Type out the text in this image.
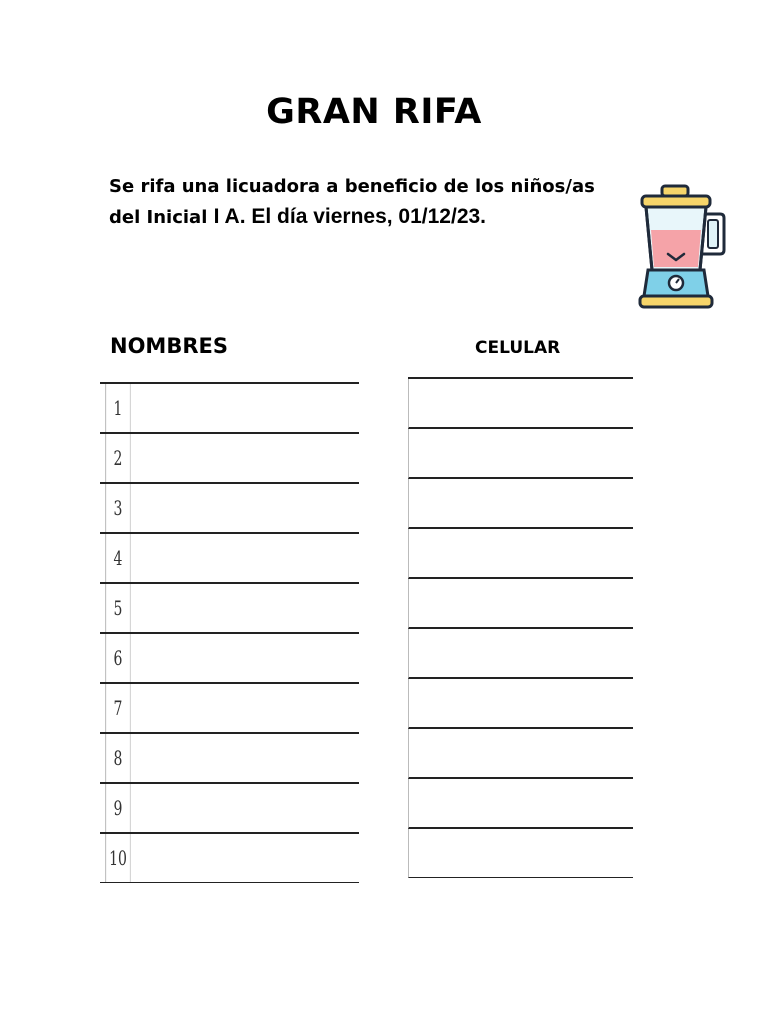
GRAN RIFA
Se rifa una licuadora a beneficio de los niños/as
del Inicial I A. El día viernes, 01/12/23.
NOMBRES	CELULAR
1
2
3
4
5
6
7
8
9
10
